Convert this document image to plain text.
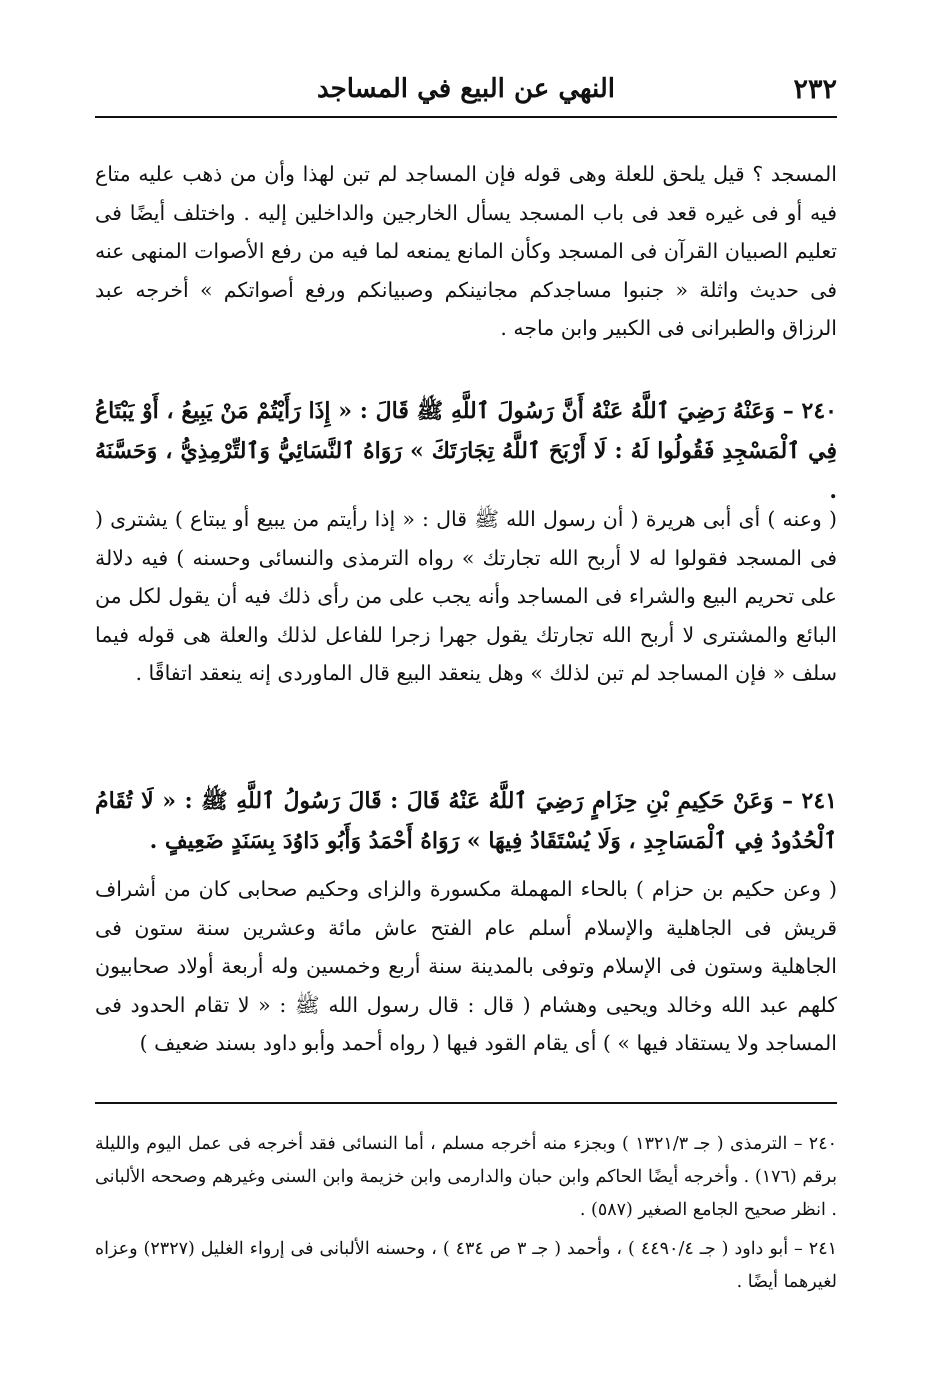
٢٣٢
النهي عن البيع في المساجد

المسجد ؟ قيل يلحق للعلة وهى قوله فإن المساجد لم تبن لهذا وأن من ذهب عليه متاع فيه أو فى غيره قعد فى باب المسجد يسأل الخارجين والداخلين إليه . واختلف أيضًا فى تعليم الصبيان القرآن فى المسجد وكأن المانع يمنعه لما فيه من رفع الأصوات المنهى عنه فى حديث واثلة « جنبوا مساجدكم مجانينكم وصبيانكم ورفع أصواتكم » أخرجه عبد الرزاق والطبرانى فى الكبير وابن ماجه .

٢٤٠ – وَعَنْهُ رَضِيَ ٱللَّهُ عَنْهُ أَنَّ رَسُولَ ٱللَّهِ ﷺ قَالَ : « إِذَا رَأَيْتُمْ مَنْ يَبِيعُ ، أَوْ يَبْتَاعُ فِي ٱلْمَسْجِدِ فَقُولُوا لَهُ : لَا أَرْبَحَ ٱللَّهُ تِجَارَتَكَ » رَوَاهُ ٱلنَّسَائِيُّ وَٱلتِّرْمِذِيُّ ، وَحَسَّنَهُ .

( وعنه ) أى أبى هريرة ( أن رسول الله ﷺ قال : « إذا رأيتم من يبيع أو يبتاع ) يشترى ( فى المسجد فقولوا له لا أربح الله تجارتك » رواه الترمذى والنسائى وحسنه ) فيه دلالة على تحريم البيع والشراء فى المساجد وأنه يجب على من رأى ذلك فيه أن يقول لكل من البائع والمشترى لا أربح الله تجارتك يقول جهرا زجرا للفاعل لذلك والعلة هى قوله فيما سلف « فإن المساجد لم تبن لذلك » وهل ينعقد البيع قال الماوردى إنه ينعقد اتفاقًا .

٢٤١ – وَعَنْ حَكِيمِ بْنِ حِزَامٍ رَضِيَ ٱللَّهُ عَنْهُ قَالَ : قَالَ رَسُولُ ٱللَّهِ ﷺ : « لَا تُقَامُ ٱلْحُدُودُ فِي ٱلْمَسَاجِدِ ، وَلَا يُسْتَقَادُ فِيهَا » رَوَاهُ أَحْمَدُ وَأَبُو دَاوُدَ بِسَنَدٍ ضَعِيفٍ .

( وعن حكيم بن حزام ) بالحاء المهملة مكسورة والزاى وحكيم صحابى كان من أشراف قريش فى الجاهلية والإسلام أسلم عام الفتح عاش مائة وعشرين سنة ستون فى الجاهلية وستون فى الإسلام وتوفى بالمدينة سنة أربع وخمسين وله أربعة أولاد صحابيون كلهم عبد الله وخالد ويحيى وهشام ( قال : قال رسول الله ﷺ : « لا تقام الحدود فى المساجد ولا يستقاد فيها » ) أى يقام القود فيها ( رواه أحمد وأبو داود بسند ضعيف )

٢٤٠ – الترمذى ( جـ ١٣٢١/٣ ) وبجزء منه أخرجه مسلم ، أما النسائى فقد أخرجه فى عمل اليوم والليلة برقم (١٧٦) . وأخرجه أيضًا الحاكم وابن حبان والدارمى وابن خزيمة وابن السنى وغيرهم وصححه الألبانى . انظر صحيح الجامع الصغير (٥٨٧) .

٢٤١ – أبو داود ( جـ ٤٤٩٠/٤ ) ، وأحمد ( جـ ٣ ص ٤٣٤ ) ، وحسنه الألبانى فى إرواء الغليل (٢٣٢٧) وعزاه لغيرهما أيضًا .
